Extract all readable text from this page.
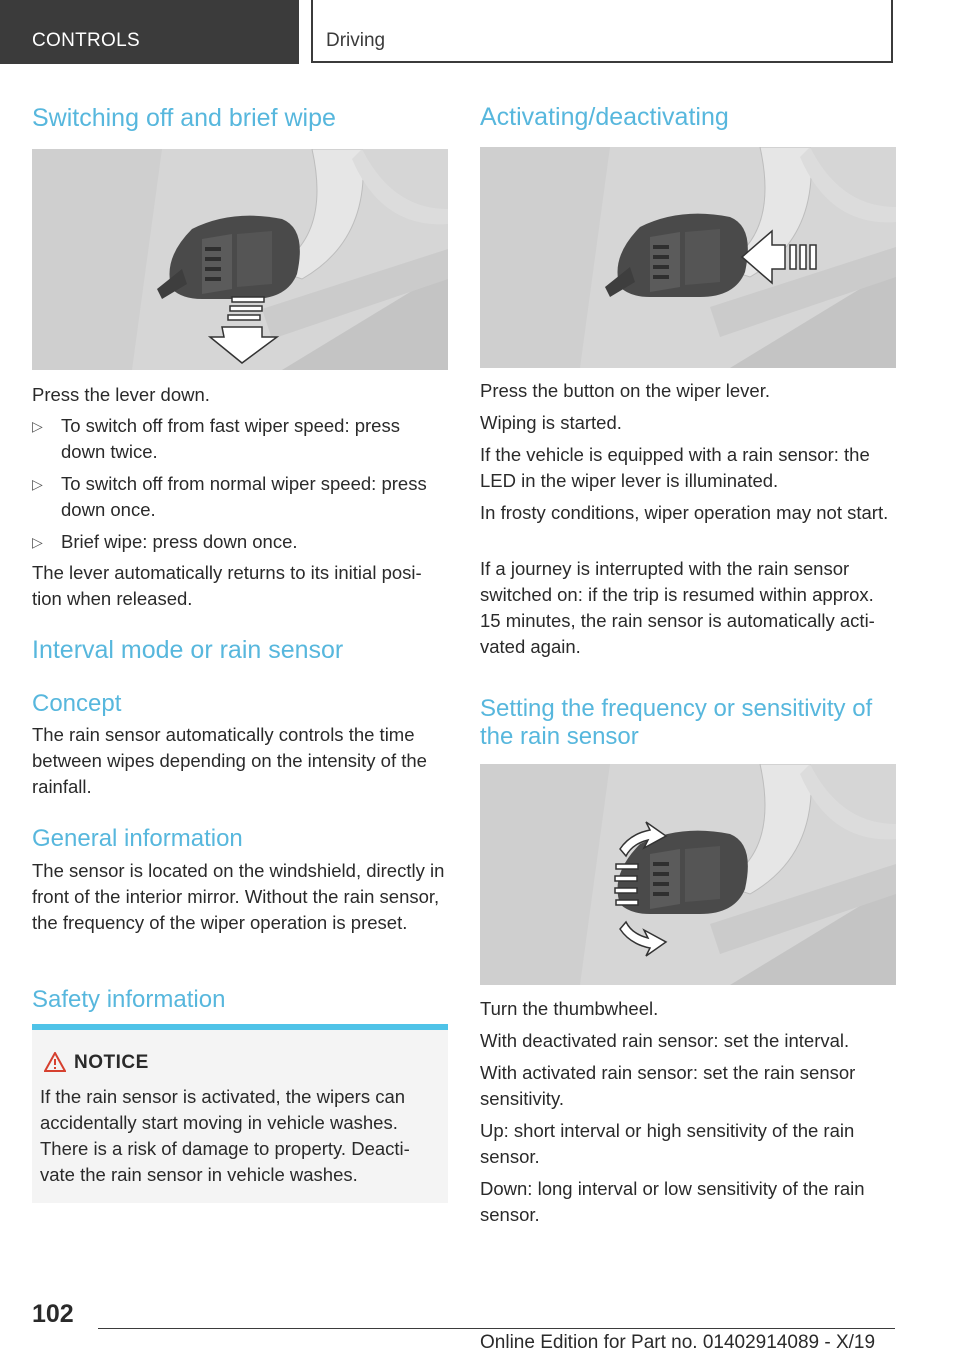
CONTROLS	Driving
Switching off and brief wipe
Press the lever down.
▷ To switch off from fast wiper speed: press down twice.
▷ To switch off from normal wiper speed: press down once.
▷ Brief wipe: press down once.
The lever automatically returns to its initial posi‐tion when released.
Interval mode or rain sensor
Concept
The rain sensor automatically controls the time between wipes depending on the intensity of the rainfall.
General information
The sensor is located on the windshield, directly in front of the interior mirror. Without the rain sensor, the frequency of the wiper operation is preset.
Safety information
NOTICE
If the rain sensor is activated, the wipers can accidentally start moving in vehicle washes. There is a risk of damage to property. Deacti‐vate the rain sensor in vehicle washes.
Activating/deactivating
Press the button on the wiper lever.
Wiping is started.
If the vehicle is equipped with a rain sensor: the LED in the wiper lever is illuminated.
In frosty conditions, wiper operation may not start.
If a journey is interrupted with the rain sensor switched on: if the trip is resumed within approx. 15 minutes, the rain sensor is automatically acti‐vated again.
Setting the frequency or sensitivity of the rain sensor
Turn the thumbwheel.
With deactivated rain sensor: set the interval.
With activated rain sensor: set the rain sensor sensitivity.
Up: short interval or high sensitivity of the rain sensor.
Down: long interval or low sensitivity of the rain sensor.
102
Online Edition for Part no. 01402914089 - X/19
